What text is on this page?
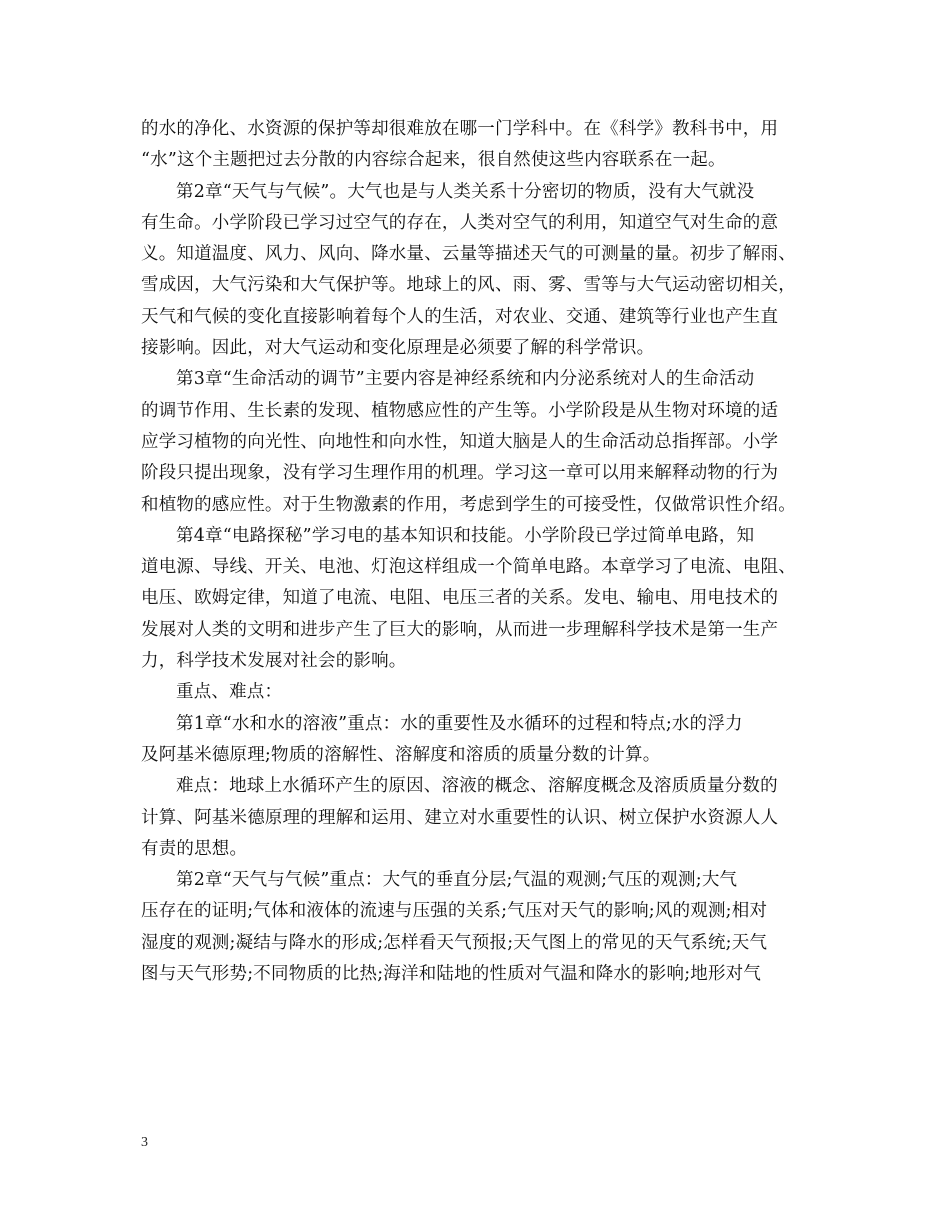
的水的净化、水资源的保护等却很难放在哪一门学科中。在《科学》教科书中，用
“水”这个主题把过去分散的内容综合起来，很自然使这些内容联系在一起。
第2章“天气与气候”。大气也是与人类关系十分密切的物质，没有大气就没
有生命。小学阶段已学习过空气的存在，人类对空气的利用，知道空气对生命的意
义。知道温度、风力、风向、降水量、云量等描述天气的可测量的量。初步了解雨、
雪成因，大气污染和大气保护等。地球上的风、雨、雾、雪等与大气运动密切相关，
天气和气候的变化直接影响着每个人的生活，对农业、交通、建筑等行业也产生直
接影响。因此，对大气运动和变化原理是必须要了解的科学常识。
第3章“生命活动的调节”主要内容是神经系统和内分泌系统对人的生命活动
的调节作用、生长素的发现、植物感应性的产生等。小学阶段是从生物对环境的适
应学习植物的向光性、向地性和向水性，知道大脑是人的生命活动总指挥部。小学
阶段只提出现象，没有学习生理作用的机理。学习这一章可以用来解释动物的行为
和植物的感应性。对于生物激素的作用，考虑到学生的可接受性，仅做常识性介绍。
第4章“电路探秘”学习电的基本知识和技能。小学阶段已学过简单电路，知
道电源、导线、开关、电池、灯泡这样组成一个简单电路。本章学习了电流、电阻、
电压、欧姆定律，知道了电流、电阻、电压三者的关系。发电、输电、用电技术的
发展对人类的文明和进步产生了巨大的影响，从而进一步理解科学技术是第一生产
力，科学技术发展对社会的影响。
重点、难点：
第1章“水和水的溶液”重点：水的重要性及水循环的过程和特点;水的浮力
及阿基米德原理;物质的溶解性、溶解度和溶质的质量分数的计算。
难点：地球上水循环产生的原因、溶液的概念、溶解度概念及溶质质量分数的
计算、阿基米德原理的理解和运用、建立对水重要性的认识、树立保护水资源人人
有责的思想。
第2章“天气与气候”重点：大气的垂直分层;气温的观测;气压的观测;大气
压存在的证明;气体和液体的流速与压强的关系;气压对天气的影响;风的观测;相对
湿度的观测;凝结与降水的形成;怎样看天气预报;天气图上的常见的天气系统;天气
图与天气形势;不同物质的比热;海洋和陆地的性质对气温和降水的影响;地形对气
3
